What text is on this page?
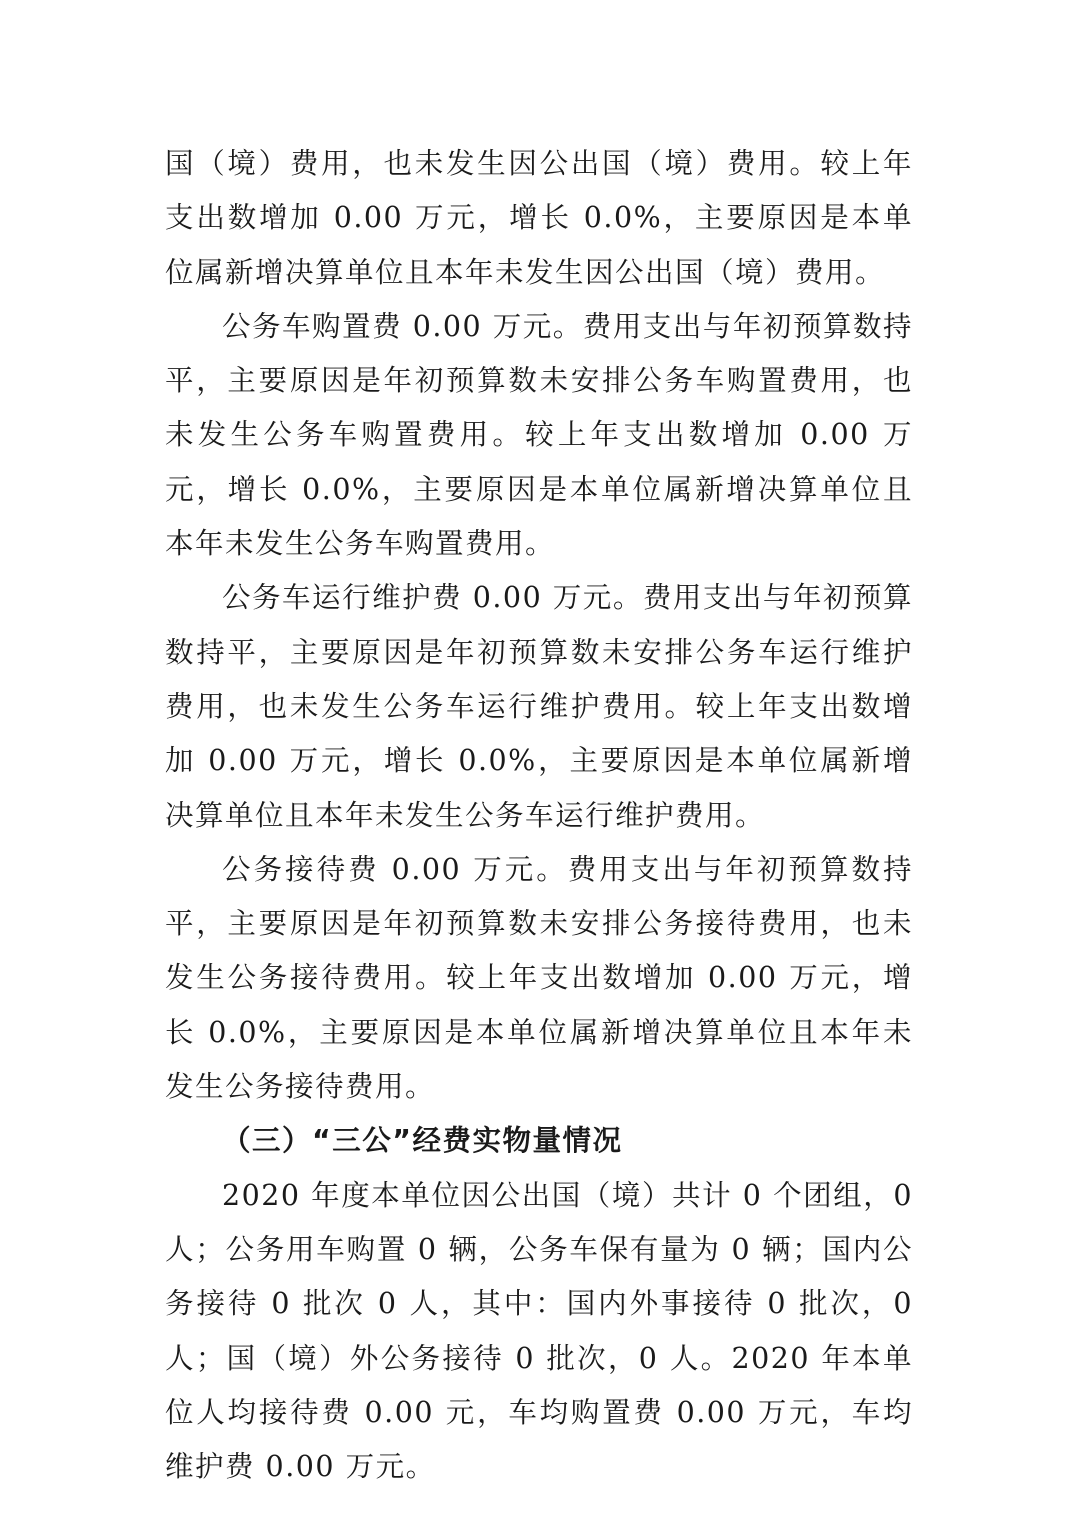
国（境）费用，也未发生因公出国（境）费用。较上年支出数增加 0.00 万元，增长 0.0%，主要原因是本单位属新增决算单位且本年未发生因公出国（境）费用。

公务车购置费 0.00 万元。费用支出与年初预算数持平，主要原因是年初预算数未安排公务车购置费用，也未发生公务车购置费用。较上年支出数增加 0.00 万元，增长 0.0%，主要原因是本单位属新增决算单位且本年未发生公务车购置费用。

公务车运行维护费 0.00 万元。费用支出与年初预算数持平，主要原因是年初预算数未安排公务车运行维护费用，也未发生公务车运行维护费用。较上年支出数增加 0.00 万元，增长 0.0%，主要原因是本单位属新增决算单位且本年未发生公务车运行维护费用。

公务接待费 0.00 万元。费用支出与年初预算数持平，主要原因是年初预算数未安排公务接待费用，也未发生公务接待费用。较上年支出数增加 0.00 万元，增长 0.0%，主要原因是本单位属新增决算单位且本年未发生公务接待费用。

（三）“三公”经费实物量情况

2020 年度本单位因公出国（境）共计 0 个团组，0 人；公务用车购置 0 辆，公务车保有量为 0 辆；国内公务接待 0 批次 0 人，其中：国内外事接待 0 批次，0 人；国（境）外公务接待 0 批次，0 人。2020 年本单位人均接待费 0.00 元，车均购置费 0.00 万元，车均维护费 0.00 万元。
